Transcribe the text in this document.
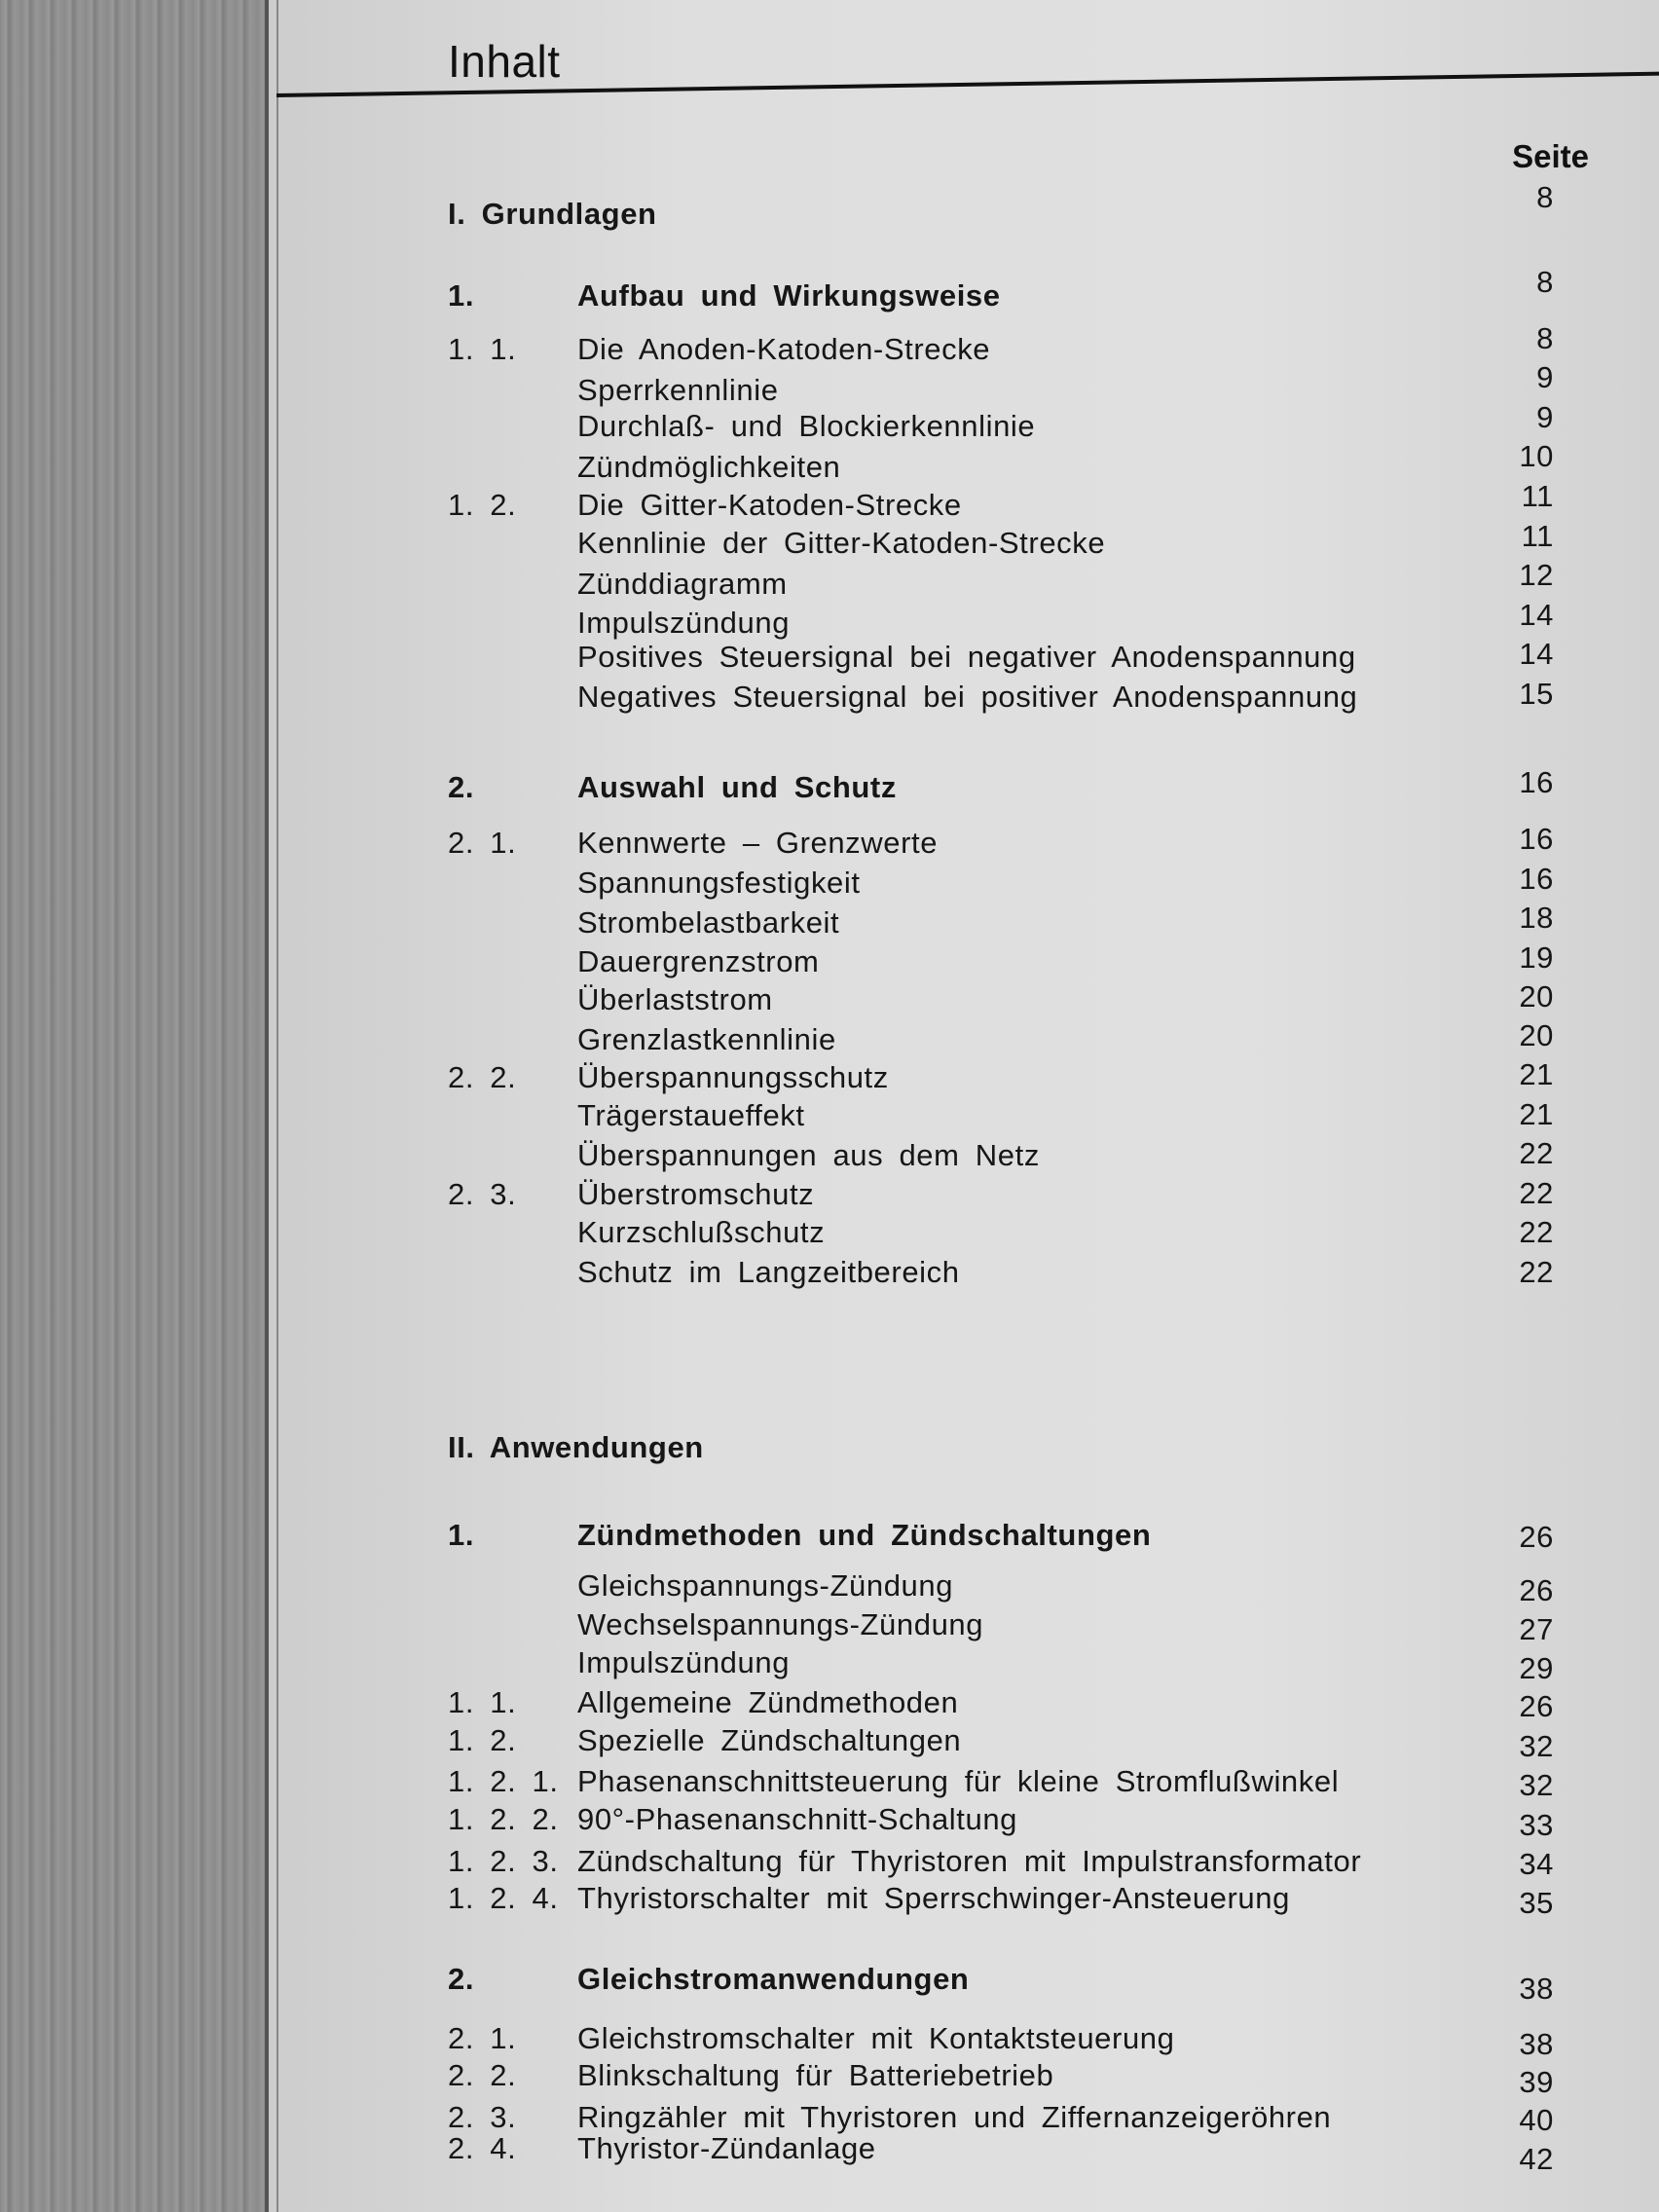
Inhalt
Seite
I. Grundlagen	8
1.	Aufbau und Wirkungsweise	8
1. 1. Die Anoden-Katoden-Strecke	8
Sperrkennlinie	9
Durchlaß- und Blockierkennlinie	9
Zündmöglichkeiten	10
1. 2. Die Gitter-Katoden-Strecke	11
Kennlinie der Gitter-Katoden-Strecke	11
Zünddiagramm	12
Impulszündung	14
Positives Steuersignal bei negativer Anodenspannung	14
Negatives Steuersignal bei positiver Anodenspannung	15
2.	Auswahl und Schutz	16
2. 1. Kennwerte – Grenzwerte	16
Spannungsfestigkeit	16
Strombelastbarkeit	18
Dauergrenzstrom	19
Überlaststrom	20
Grenzlastkennlinie	20
2. 2. Überspannungsschutz	21
Trägerstaueffekt	21
Überspannungen aus dem Netz	22
2. 3. Überstromschutz	22
Kurzschlußschutz	22
Schutz im Langzeitbereich	22
II. Anwendungen
1.	Zündmethoden und Zündschaltungen	26
Gleichspannungs-Zündung	26
Wechselspannungs-Zündung	27
Impulszündung	29
1. 1. Allgemeine Zündmethoden	26
1. 2. Spezielle Zündschaltungen	32
1. 2. 1. Phasenanschnittsteuerung für kleine Stromflußwinkel	32
1. 2. 2. 90°-Phasenanschnitt-Schaltung	33
1. 2. 3. Zündschaltung für Thyristoren mit Impulstransformator	34
1. 2. 4. Thyristorschalter mit Sperrschwinger-Ansteuerung	35
2.	Gleichstromanwendungen	38
2. 1. Gleichstromschalter mit Kontaktsteuerung	38
2. 2. Blinkschaltung für Batteriebetrieb	39
2. 3. Ringzähler mit Thyristoren und Ziffernanzeigeröhren	40
2. 4. Thyristor-Zündanlage	42
